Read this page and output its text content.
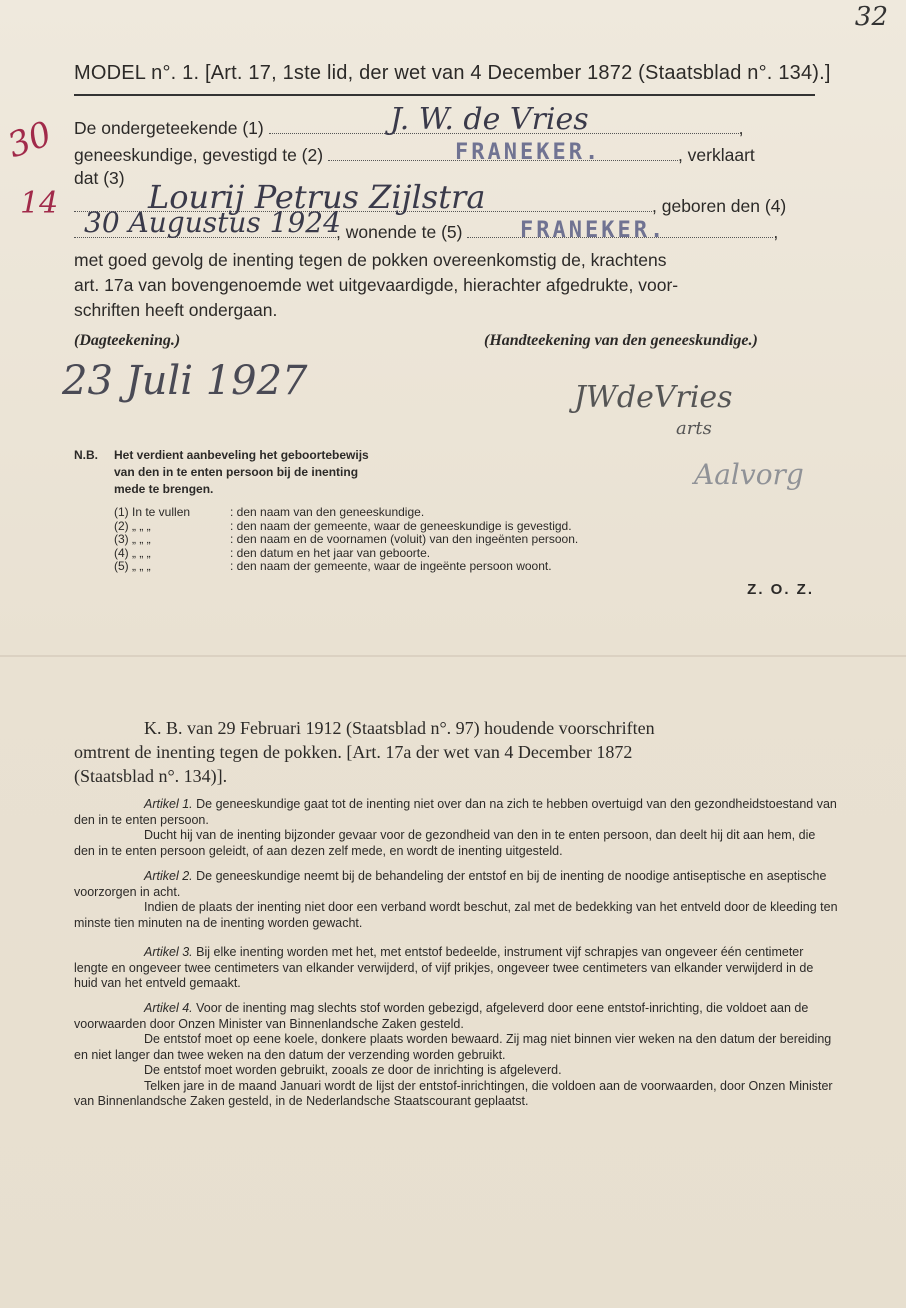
32
30
14
MODEL n°. 1. [Art. 17, 1ste lid, der wet van 4 December 1872 (Staatsblad n°. 134).]
De ondergeteekende (1)	,
J. W. de Vries
geneeskundige, gevestigd te (2)	, verklaart
FRANEKER.
dat (3)
, geboren den (4)
Lourij Petrus Zijlstra
, wonende te (5)	,
30 Augustus 1924	FRANEKER.
met goed gevolg de inenting tegen de pokken overeenkomstig de, krachtens
art. 17a van bovengenoemde wet uitgevaardigde, hierachter afgedrukte, voor-
schriften heeft ondergaan.
(Dagteekening.)	(Handteekening van den geneeskundige.)
23 Juli 1927	JWdeVries
arts
Aalvorg
N.B. Het verdient aanbeveling het geboortebewijs
van den in te enten persoon bij de inenting
mede te brengen.
(1) In te vullen	: den naam van den geneeskundige.
(2) „ „ „	: den naam der gemeente, waar de geneeskundige is gevestigd.
(3) „ „ „	: den naam en de voornamen (voluit) van den ingeënten persoon.
(4) „ „ „	: den datum en het jaar van geboorte.
(5) „ „ „	: den naam der gemeente, waar de ingeënte persoon woont.
Z. O. Z.
K. B. van 29 Februari 1912 (Staatsblad n°. 97) houdende voorschriften
omtrent de inenting tegen de pokken. [Art. 17a der wet van 4 December 1872
(Staatsblad n°. 134)].

Artikel 1. De geneeskundige gaat tot de inenting niet over dan na zich te hebben overtuigd van den gezondheidstoestand van den in te enten persoon.

Ducht hij van de inenting bijzonder gevaar voor de gezondheid van den in te enten persoon, dan deelt hij dit aan hem, die den in te enten persoon geleidt, of aan dezen zelf mede, en wordt de inenting uitgesteld.

Artikel 2. De geneeskundige neemt bij de behandeling der entstof en bij de inenting de noodige antiseptische en aseptische voorzorgen in acht.

Indien de plaats der inenting niet door een verband wordt beschut, zal met de bedekking van het entveld door de kleeding ten minste tien minuten na de inenting worden gewacht.

Artikel 3. Bij elke inenting worden met het, met entstof bedeelde, instrument vijf schrapjes van ongeveer één centimeter lengte en ongeveer twee centimeters van elkander verwijderd, of vijf prikjes, ongeveer twee centimeters van elkander verwijderd in de huid van het entveld gemaakt.

Artikel 4. Voor de inenting mag slechts stof worden gebezigd, afgeleverd door eene entstof-inrichting, die voldoet aan de voorwaarden door Onzen Minister van Binnenlandsche Zaken gesteld.

De entstof moet op eene koele, donkere plaats worden bewaard. Zij mag niet binnen vier weken na den datum der bereiding en niet langer dan twee weken na den datum der verzending worden gebruikt.

De entstof moet worden gebruikt, zooals ze door de inrichting is afgeleverd.

Telken jare in de maand Januari wordt de lijst der entstof-inrichtingen, die voldoen aan de voorwaarden, door Onzen Minister van Binnenlandsche Zaken gesteld, in de Nederlandsche Staatscourant geplaatst.
